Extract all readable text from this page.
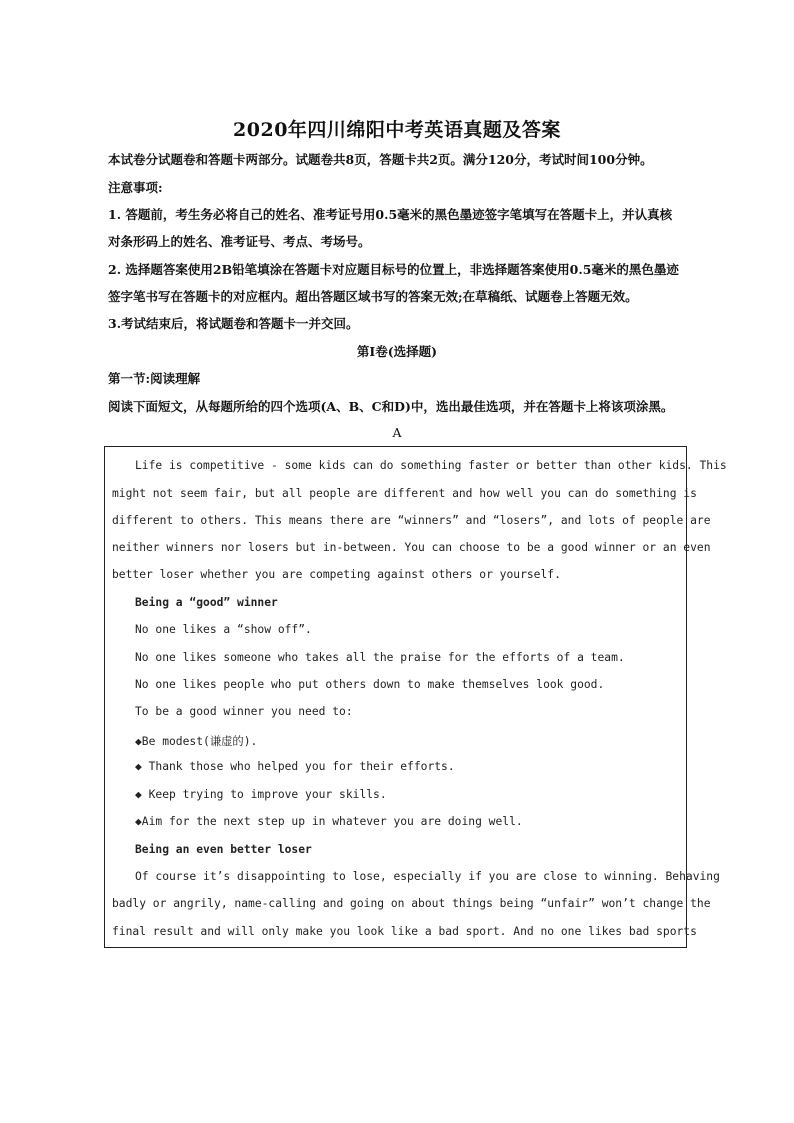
2020年四川绵阳中考英语真题及答案
本试卷分试题卷和答题卡两部分。试题卷共8页，答题卡共2页。满分120分，考试时间100分钟。
注意事项:
1. 答题前，考生务必将自己的姓名、准考证号用0.5毫米的黑色墨迹签字笔填写在答题卡上，并认真核
对条形码上的姓名、准考证号、考点、考场号。
2. 选择题答案使用2B铅笔填涂在答题卡对应题目标号的位置上，非选择题答案使用0.5毫米的黑色墨迹
签字笔书写在答题卡的对应框内。超出答题区域书写的答案无效;在草稿纸、试题卷上答题无效。
3.考试结束后，将试题卷和答题卡一并交回。
第Ⅰ卷(选择题)
第一节:阅读理解
阅读下面短文，从每题所给的四个选项(A、B、C和D)中，选出最佳选项，并在答题卡上将该项涂黑。
A
Life is competitive - some kids can do something faster or better than other kids. This
might not seem fair, but all people are different and how well you can do something is
different to others. This means there are “winners” and “losers”, and lots of people are
neither winners nor losers but in-between. You can choose to be a good winner or an even
better loser whether you are competing against others or yourself.
Being a “good” winner
No one likes a “show off”.
No one likes someone who takes all the praise for the efforts of a team.
No one likes people who put others down to make themselves look good.
To be a good winner you need to:
◆Be modest(谦虚的).
◆ Thank those who helped you for their efforts.
◆ Keep trying to improve your skills.
◆Aim for the next step up in whatever you are doing well.
Being an even better loser
Of course it’s disappointing to lose, especially if you are close to winning. Behaving
badly or angrily, name-calling and going on about things being “unfair” won’t change the
final result and will only make you look like a bad sport. And no one likes bad sports
